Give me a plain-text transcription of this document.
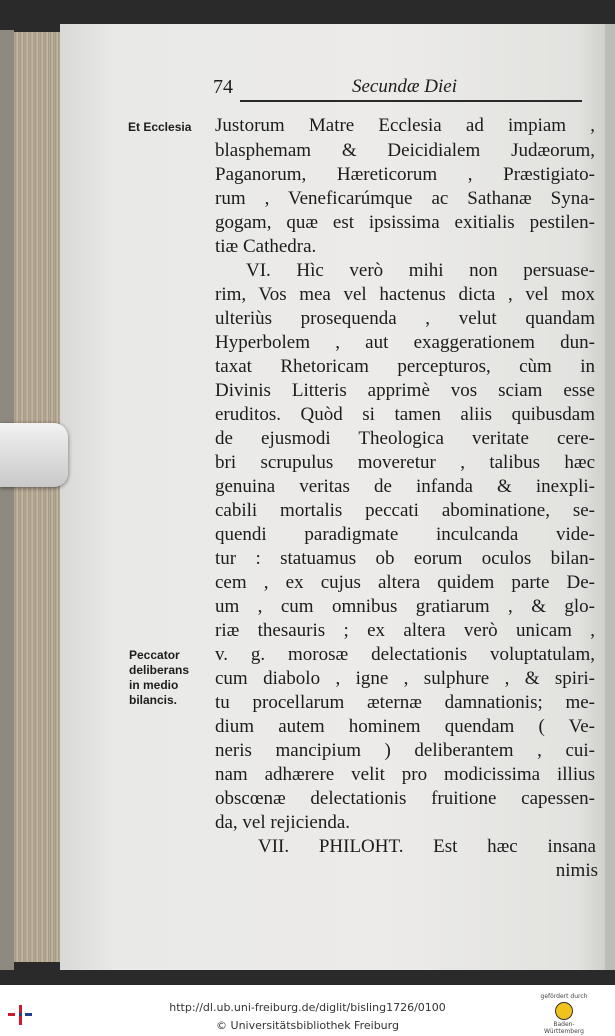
74	Secundæ Diei
Et Ecclesia
Peccator
deliberans
in medio
bilancis.
Justorum Matre Ecclesia ad impiam ,
blasphemam & Deicidialem Judæorum,
Paganorum, Hæreticorum , Præstigiato-
rum , Veneficarúmque ac Sathanæ Syna-
gogam, quæ est ipsissima exitialis pestilen-
tiæ Cathedra.
VI. Hìc verò mihi non persuase-
rim, Vos mea vel hactenus dicta , vel mox
ulteriùs prosequenda , velut quandam
Hyperbolem , aut exaggerationem dun-
taxat Rhetoricam percepturos, cùm in
Divinis Litteris apprimè vos sciam esse
eruditos. Quòd si tamen aliis quibusdam
de ejusmodi Theologica veritate cere-
bri scrupulus moveretur , talibus hæc
genuina veritas de infanda & inexpli-
cabili mortalis peccati abominatione, se-
quendi paradigmate inculcanda vide-
tur : statuamus ob eorum oculos bilan-
cem , ex cujus altera quidem parte De-
um , cum omnibus gratiarum , & glo-
riæ thesauris ; ex altera verò unicam ,
v. g. morosæ delectationis voluptatulam,
cum diabolo , igne , sulphure , & spiri-
tu procellarum æternæ damnationis; me-
dium autem hominem quendam ( Ve-
neris mancipium ) deliberantem , cui-
nam adhærere velit pro modicissima illius
obscœnæ delectationis fruitione capessen-
da, vel rejicienda.
VII. PHILOHT. Est hæc insana
nimis
http://dl.ub.uni-freiburg.de/diglit/bisling1726/0100
© Universitätsbibliothek Freiburg
gefördert durch
Baden-Württemberg
